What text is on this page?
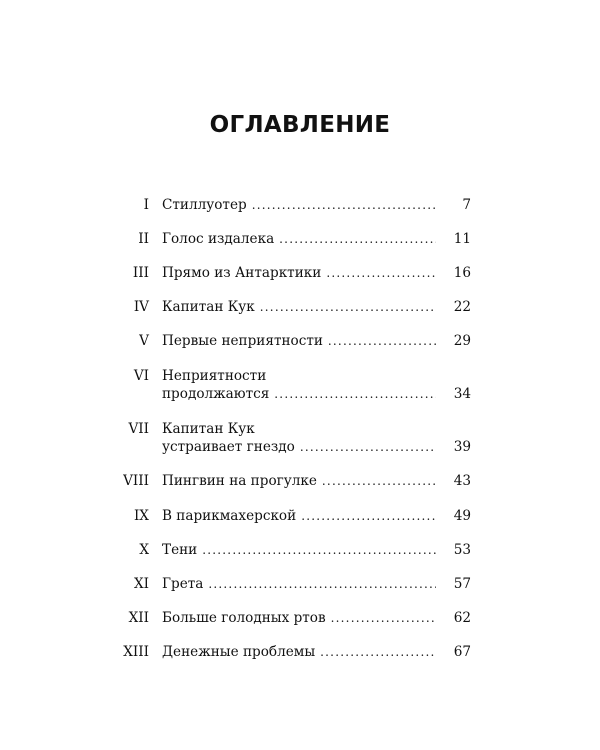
ОГЛАВЛЕНИЕ
I Стиллуотер .....	7
II Голос издалека .....	11
III Прямо из Антарктики .....	16
IV Капитан Кук .....	22
V Первые неприятности .....	29
VI Неприятности
продолжаются .....	34
VII Капитан Кук
устраивает гнездо .....	39
VIII Пингвин на прогулке .....	43
IX В парикмахерской .....	49
X Тени .....	53
XI Грета .....	57
XII Больше голодных ртов .....	62
XIII Денежные проблемы .....	67
